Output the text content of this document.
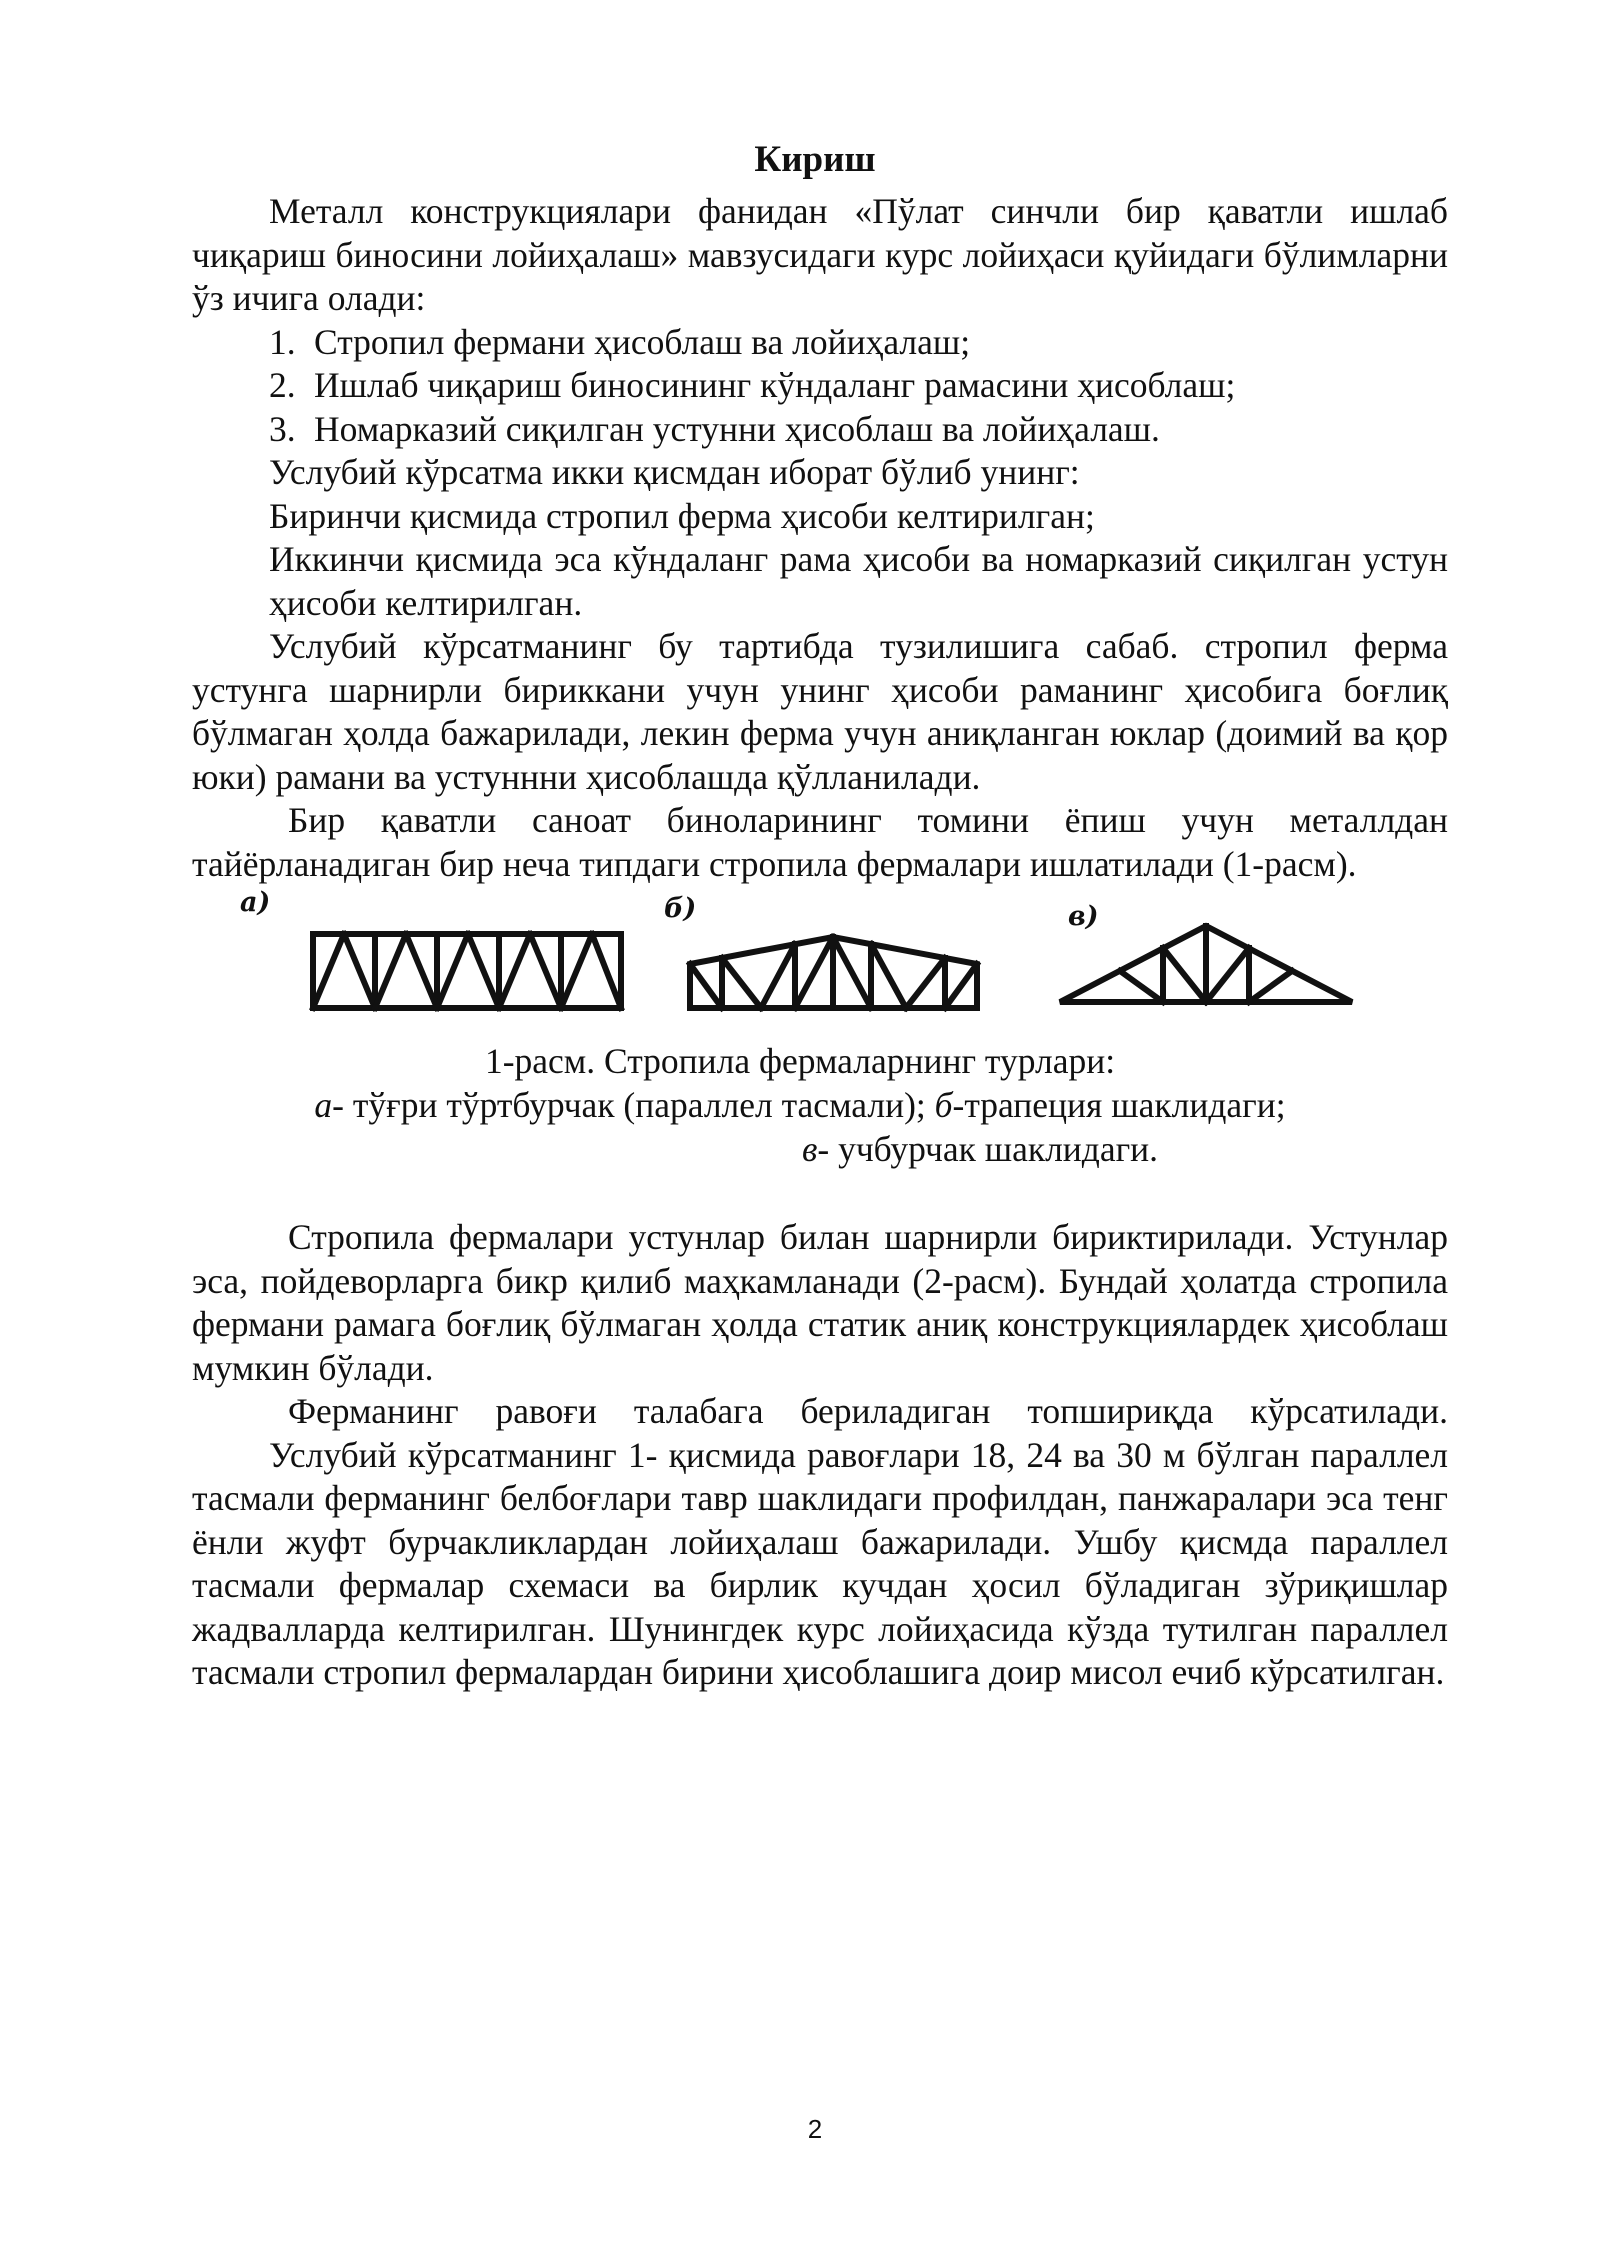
Кириш

Металл конструкциялари фанидан «Пўлат синчли бир қаватли ишлаб чиқариш биносини лойиҳалаш» мавзусидаги курс лойиҳаси қуйидаги бўлимларни ўз ичига олади:

1. Стропил фермани ҳисоблаш ва лойиҳалаш;

2. Ишлаб чиқариш биносининг кўндаланг рамасини ҳисоблаш;

3. Номарказий сиқилган устунни ҳисоблаш ва лойиҳалаш.

Услубий кўрсатма икки қисмдан иборат бўлиб унинг:

Биринчи қисмида стропил ферма ҳисоби келтирилган;

Иккинчи қисмида эса кўндаланг рама ҳисоби ва номарказий сиқилган устун ҳисоби келтирилган.

Услубий кўрсатманинг бу тартибда тузилишига сабаб. стропил ферма устунга шарнирли бириккани учун унинг ҳисоби раманинг ҳисобига боғлиқ бўлмаган ҳолда бажарилади, лекин ферма учун аниқланган юклар (доимий ва қор юки) рамани ва устуннни ҳисоблашда қўлланилади.

Бир қаватли саноат биноларининг томини ёпиш учун металлдан тайёрланадиган бир неча типдаги стропила фермалари ишлатилади (1-расм).

а)	б)	в)
1-расм. Стропила фермаларнинг турлари:
а- тўғри тўртбурчак (параллел тасмали); б-трапеция шаклидаги;
в- учбурчак шаклидаги.

Стропила фермалари устунлар билан шарнирли бириктирилади. Устунлар эса, пойдеворларга бикр қилиб маҳкамланади (2-расм). Бундай ҳолатда стропила фермани рамага боғлиқ бўлмаган ҳолда статик аниқ конструкциялардек ҳисоблаш мумкин бўлади.

Ферманинг равоғи талабага бериладиган топшириқда кўрсатилади.

Услубий кўрсатманинг 1- қисмида равоғлари 18, 24 ва 30 м бўлган параллел тасмали ферманинг белбоғлари тавр шаклидаги профилдан, панжаралари эса тенг ёнли жуфт бурчакликлардан лойиҳалаш бажарилади. Ушбу қисмда параллел тасмали фермалар схемаси ва бирлик кучдан ҳосил бўладиган зўриқишлар жадвалларда келтирилган. Шунингдек курс лойиҳасида кўзда тутилган параллел тасмали стропил фермалардан бирини ҳисоблашига доир мисол ечиб кўрсатилган.

2
